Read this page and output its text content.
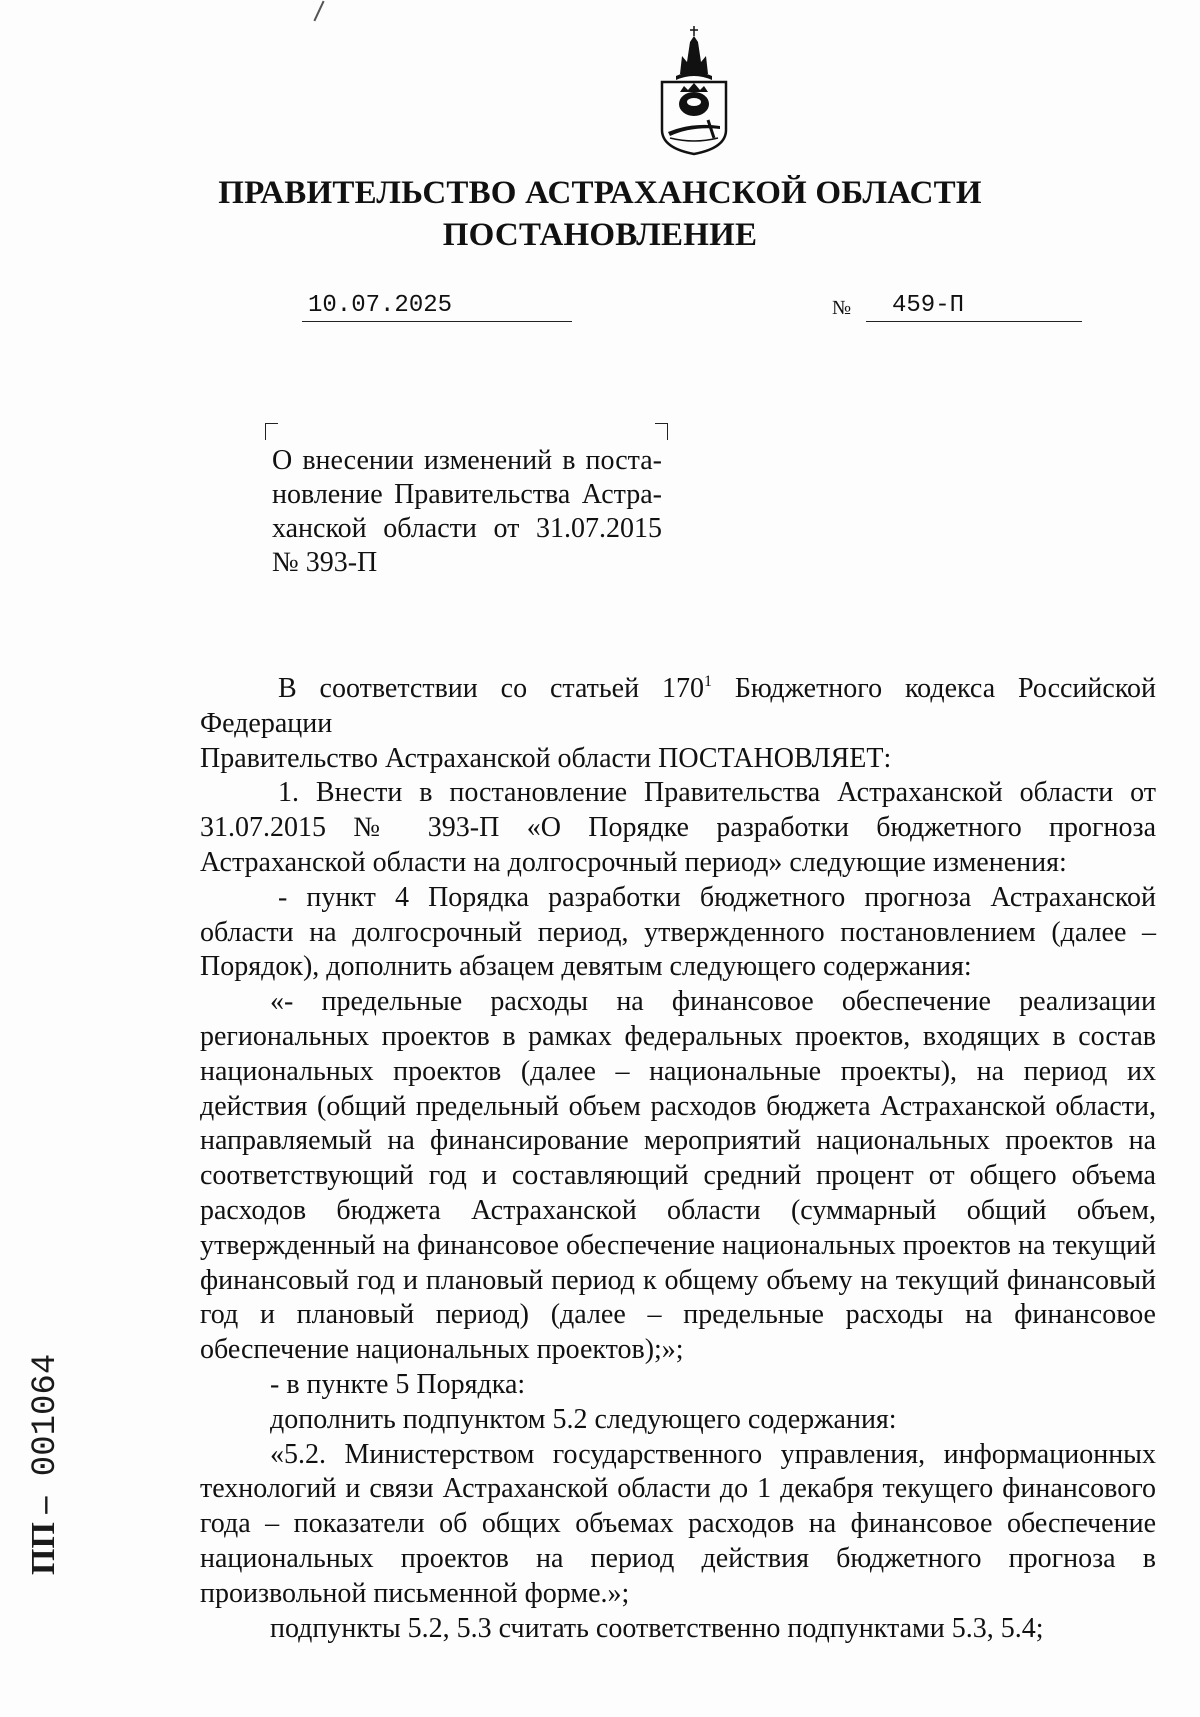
ПРАВИТЕЛЬСТВО АСТРАХАНСКОЙ ОБЛАСТИ
ПОСТАНОВЛЕНИЕ
10.07.2025	№	459-П
О внесении изменений в поста-
новление Правительства Астра-
ханской области от 31.07.2015
№ 393-П

В соответствии со статьей $170^1$ Бюджетного кодекса Российской Федерации

Правительство Астраханской области ПОСТАНОВЛЯЕТ:

1. Внести в постановление Правительства Астраханской области от 31.07.2015 № 393-П «О Порядке разработки бюджетного прогноза Астраханской области на долгосрочный период» следующие изменения:

- пункт 4 Порядка разработки бюджетного прогноза Астраханской области на долгосрочный период, утвержденного постановлением (далее – Порядок), дополнить абзацем девятым следующего содержания:

«- предельные расходы на финансовое обеспечение реализации региональных проектов в рамках федеральных проектов, входящих в состав национальных проектов (далее – национальные проекты), на период их действия (общий предельный объем расходов бюджета Астраханской области, направляемый на финансирование мероприятий национальных проектов на соответствующий год и составляющий средний процент от общего объема расходов бюджета Астраханской области (суммарный общий объем, утвержденный на финансовое обеспечение национальных проектов на текущий финансовый год и плановый период к общему объему на текущий финансовый год и плановый период) (далее – предельные расходы на финансовое обеспечение национальных проектов);»;

- в пункте 5 Порядка:

дополнить подпунктом 5.2 следующего содержания:

«5.2. Министерством государственного управления, информационных технологий и связи Астраханской области до 1 декабря текущего финансового года – показатели об общих объемах расходов на финансовое обеспечение национальных проектов на период действия бюджетного прогноза в произвольной письменной форме.»;

подпункты 5.2, 5.3 считать соответственно подпунктами 5.3, 5.4;

ПП – 001064
